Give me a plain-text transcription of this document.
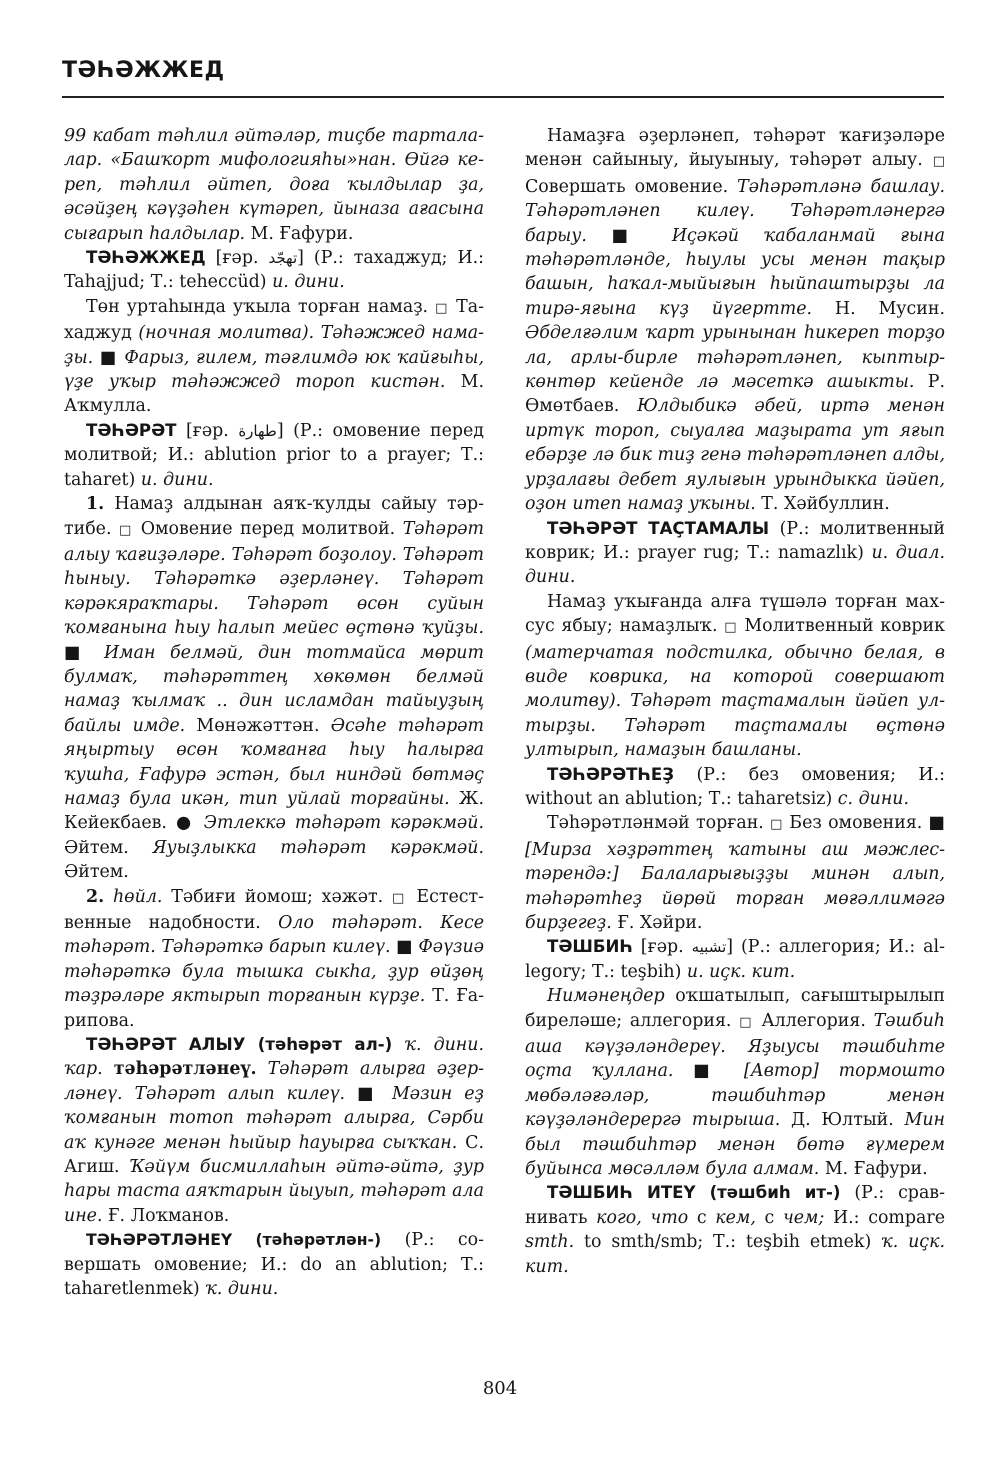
ТӘҺӘЖЖЕД

99 кабат тәһлил әйтәләр, тиҫбе тарталалар. «Башҡорт мифологияһы»нан. Өйгә кереп, тәһлил әйтеп, доға ҡылдылар ҙа, әсәйҙең кәүҙәһен күтәреп, йыназа ағасына сығарып һалдылар. М. Ғафури.

ТӘҺӘЖЖЕД [ғәр. تهجّد] (Р.: тахаджуд; И.: Tahajjud; Т.: teheccüd) и. дини.

Төн уртаһында уҡыла торған намаҙ. □ Тахаджуд (ночная молитва). Тәһәжжед намаҙы. ■ Фарыз, ғилем, тәғлимдә юк ҡайғыһы, үҙе уҡыр тәһәжжед тороп кистән. М. Аҡмулла.

ТӘҺӘРӘТ [ғәр. طهارة] (Р.: омовение перед молитвой; И.: ablution prior to a prayer; Т.: taharet) и. дини.

1. Намаҙ алдынан аяҡ-ҡулды сайыу тәртибе. □ Омовение перед молитвой. Тәһәрәт алыу ҡағиҙәләре. Тәһәрәт боҙолоу. Тәһәрәт һыныу. Тәһәрәткә әҙерләнеү. Тәһәрәт кәрәкяраҡтары. Тәһәрәт өсөн суйын ҡомғанына һыу һалып мейес өҫтөнә ҡуйҙы. ■ Иман белмәй, дин тотмайса мөрит булмаҡ, тәһәрәттең хөкөмөн белмәй намаҙ ҡылмаҡ .. дин исламдан тайыуҙың байлы имде. Мөнәжәттән. Әсәһе тәһәрәт яңыртыу өсөн ҡомғанға һыу һалырға ҡушһа, Ғафурә эстән, был ниндәй бөтмәҫ намаҙ була икән, тип уйлай торғайны. Ж. Кейекбаев. ● Этлеккә тәһәрәт кәрәкмәй. Әйтем. Яуыҙлыкка тәһәрәт кәрәкмәй. Әйтем.

2. һөйл. Тәбиғи йомош; хәжәт. □ Естественные надобности. Оло тәһәрәт. Кесе тәһәрәт. Тәһәрәткә барып килеү. ■ Фәүзиә тәһәрәткә була тышка сыкһа, ҙур өйҙөң тәҙрәләре яктырып торғанын күрҙе. Т. Ғарипова.

ТӘҺӘРӘТ АЛЫУ (тәһәрәт ал-) ҡ. дини. ҡар. тәһәрәтләнеү. Тәһәрәт алырға әҙерләнеү. Тәһәрәт алып килеү. ■ Мәзин еҙ ҡомғанын тотоп тәһәрәт алырға, Сәрби аҡ кунәге менән һыйыр һауырға сыҡҡан. С. Агиш. Ҡәйүм бисмиллаһын әйтә-әйтә, ҙур һары таста аяҡтарын йыуып, тәһәрәт ала ине. Ғ. Лоҡманов.

ТӘҺӘРӘТЛӘНЕҮ (тәһәрәтлән-) (Р.: совершать омовение; И.: do an ablution; Т.: taharetlenmek) ҡ. дини.

Намаҙға әҙерләнеп, тәһәрәт ҡағиҙәләре менән сайыныу, йыуыныу, тәһәрәт алыу. □ Совершать омовение. Тәһәрәтләнә башлау. Тәһәрәтләнеп килеү. Тәһәрәтләнергә барыу. ■ Иҫәкәй ҡабаланмай ғына тәһәрәтләнде, һыулы усы менән тақыр башын, һаҡал-мыйығын һыйпаштырҙы ла тирә-яғына күҙ йүгертте. Н. Мусин. Әбделғәлим ҡарт урынынан һикереп торҙо ла, арлы-бирле тәһәрәтләнеп, кыптыр-көнтөр кейенде лә мәсеткә ашыкты. Р. Өмөтбаев. Юлдыбикә әбей, иртә менән иртүк тороп, сыуалға маҙырата ут яғып ебәрҙе лә бик тиҙ генә тәһәрәтләнеп алды, урҙалағы дебет яулығын урындыкка йәйеп, оҙон итеп намаҙ уҡыны. Т. Хәйбуллин.

ТӘҺӘРӘТ ТАҪТАМАЛЫ (Р.: молитвенный коврик; И.: prayer rug; Т.: namazlık) и. диал. дини.

Намаҙ уҡығанда алға түшәлә торған махсус ябыу; намаҙлыҡ. □ Молитвенный коврик (матерчатая подстилка, обычно белая, в виде коврика, на которой совершают молитву). Тәһәрәт таҫтамалын йәйеп ултырҙы. Тәһәрәт таҫтамалы өҫтөнә ултырып, намаҙын башланы.

ТӘҺӘРӘТҺЕҘ (Р.: без омовения; И.: without an ablution; Т.: taharetsiz) с. дини.

Тәһәрәтләнмәй торған. □ Без омовения. ■ [Мирза хәҙрәттең ҡатыны аш мәжлестәрендә:] Балаларығыҙҙы минән алып, тәһәрәтһеҙ йөрөй торған мөғәллимәгә бирҙегеҙ. Ғ. Хәйри.

ТӘШБИҺ [ғәр. تشبيه] (Р.: аллегория; И.: allegory; Т.: teşbih) и. иҫк. кит.

Нимәнеңдер оҡшатылып, сағыштырылып биреләше; аллегория. □ Аллегория. Тәшбиһ аша кәүҙәләндереү. Яҙыусы тәшбиһте оҫта ҡуллана. ■ [Автор] тормошто мөбәләғәләр, тәшбиһтәр менән кәүҙәләндерергә тырыша. Д. Юлтый. Мин был тәшбиһтәр менән бөтә ғүмерем буйынса мөсәлләм була алмам. М. Ғафури.

ТӘШБИҺ ИТЕҮ (тәшбиһ ит-) (Р.: сравнивать кого, что с кем, с чем; И.: compare smth. to smth/smb; Т.: teşbih etmek) ҡ. иҫк. кит.

804
